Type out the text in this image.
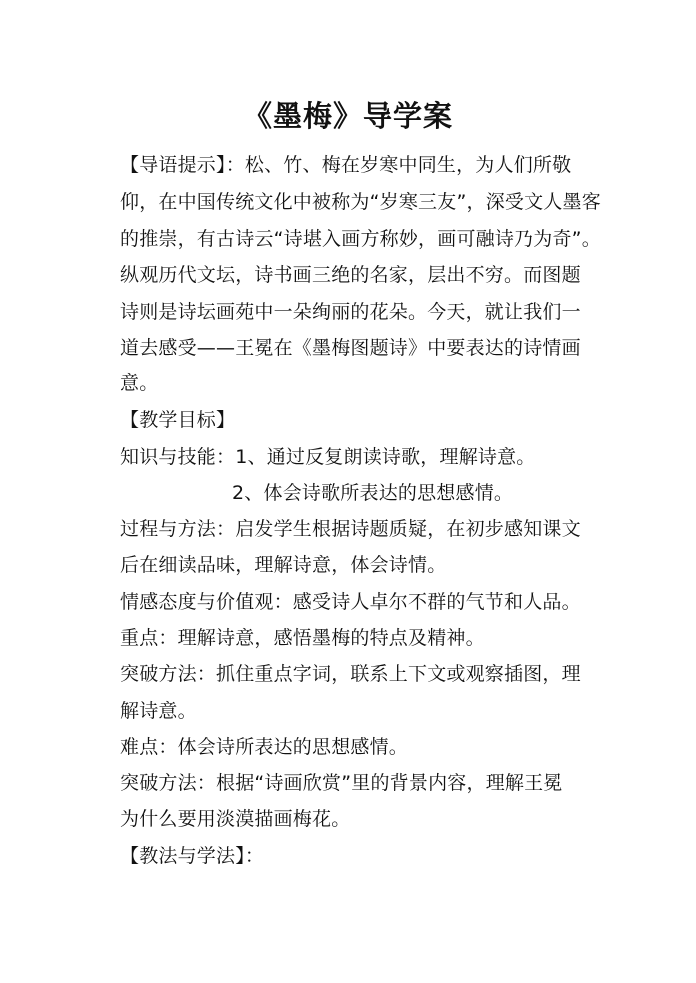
《墨梅》导学案
【导语提示】：松、竹、梅在岁寒中同生，为人们所敬
仰，在中国传统文化中被称为“岁寒三友”，深受文人墨客
的推崇，有古诗云“诗堪入画方称妙，画可融诗乃为奇”。
纵观历代文坛，诗书画三绝的名家，层出不穷。而图题
诗则是诗坛画苑中一朵绚丽的花朵。今天，就让我们一
道去感受——王冕在《墨梅图题诗》中要表达的诗情画
意。
【教学目标】
知识与技能：1、通过反复朗读诗歌，理解诗意。
2、体会诗歌所表达的思想感情。
过程与方法：启发学生根据诗题质疑，在初步感知课文
后在细读品味，理解诗意，体会诗情。
情感态度与价值观：感受诗人卓尔不群的气节和人品。
重点：理解诗意，感悟墨梅的特点及精神。
突破方法：抓住重点字词，联系上下文或观察插图，理
解诗意。
难点：体会诗所表达的思想感情。
突破方法：根据“诗画欣赏”里的背景内容，理解王冕
为什么要用淡漠描画梅花。
【教法与学法】：
